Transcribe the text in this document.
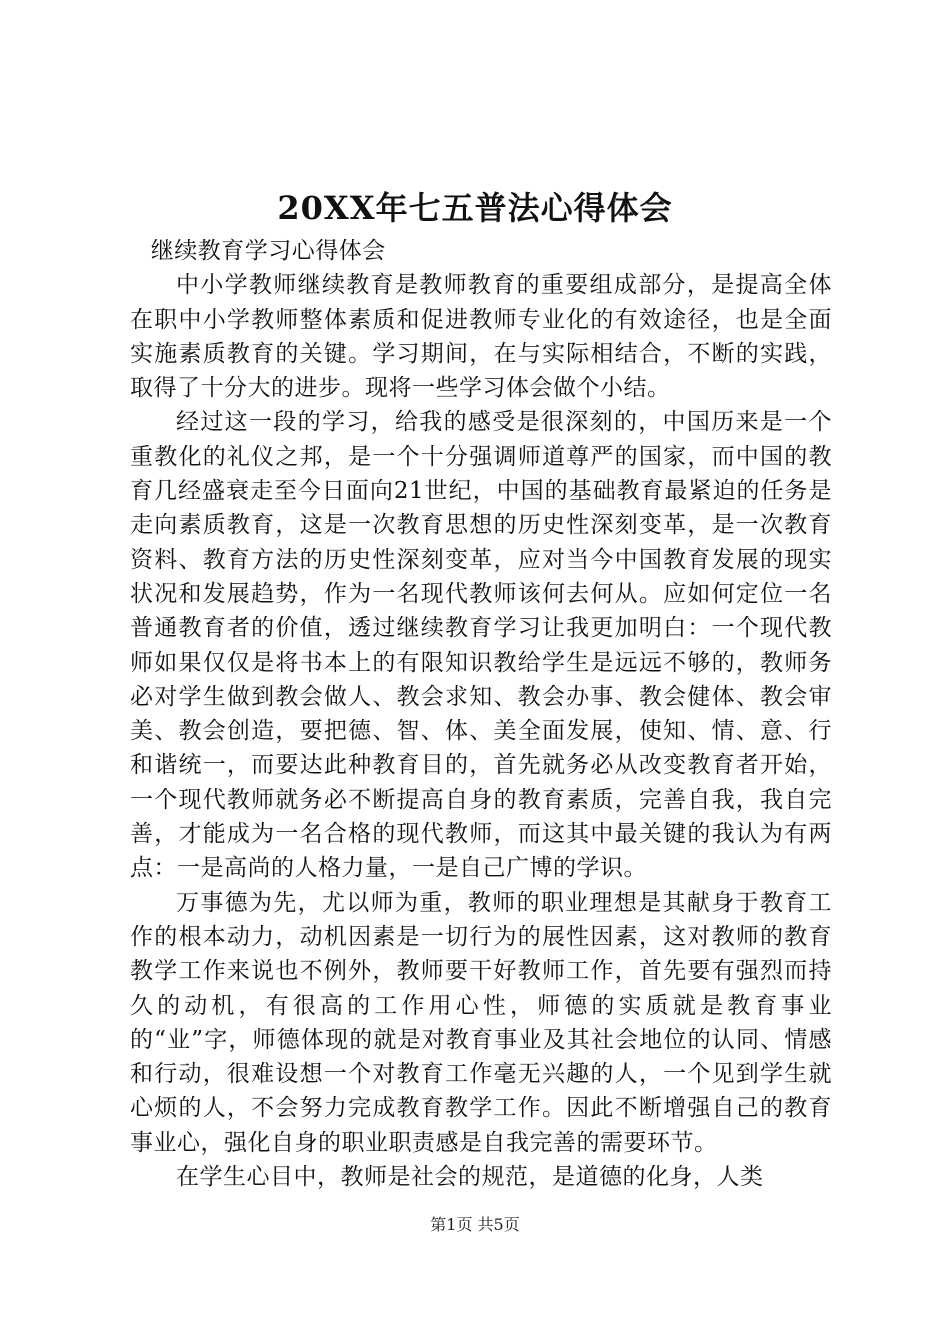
20XX年七五普法心得体会

继续教育学习心得体会

中小学教师继续教育是教师教育的重要组成部分，是提高全体在职中小学教师整体素质和促进教师专业化的有效途径，也是全面实施素质教育的关键。学习期间，在与实际相结合，不断的实践，取得了十分大的进步。现将一些学习体会做个小结。

经过这一段的学习，给我的感受是很深刻的，中国历来是一个重教化的礼仪之邦，是一个十分强调师道尊严的国家，而中国的教育几经盛衰走至今日面向21世纪，中国的基础教育最紧迫的任务是走向素质教育，这是一次教育思想的历史性深刻变革，是一次教育资料、教育方法的历史性深刻变革，应对当今中国教育发展的现实状况和发展趋势，作为一名现代教师该何去何从。应如何定位一名普通教育者的价值，透过继续教育学习让我更加明白：一个现代教师如果仅仅是将书本上的有限知识教给学生是远远不够的，教师务必对学生做到教会做人、教会求知、教会办事、教会健体、教会审美、教会创造，要把德、智、体、美全面发展，使知、情、意、行和谐统一，而要达此种教育目的，首先就务必从改变教育者开始，一个现代教师就务必不断提高自身的教育素质，完善自我，我自完善，才能成为一名合格的现代教师，而这其中最关键的我认为有两点：一是高尚的人格力量，一是自己广博的学识。

万事德为先，尤以师为重，教师的职业理想是其献身于教育工作的根本动力，动机因素是一切行为的展性因素，这对教师的教育教学工作来说也不例外，教师要干好教师工作，首先要有强烈而持久的动机，有很高的工作用心性，师德的实质就是教育事业的“业”字，师德体现的就是对教育事业及其社会地位的认同、情感和行动，很难设想一个对教育工作毫无兴趣的人，一个见到学生就心烦的人，不会努力完成教育教学工作。因此不断增强自己的教育事业心，强化自身的职业职责感是自我完善的需要环节。

在学生心目中，教师是社会的规范，是道德的化身，人类

第1页 共5页
